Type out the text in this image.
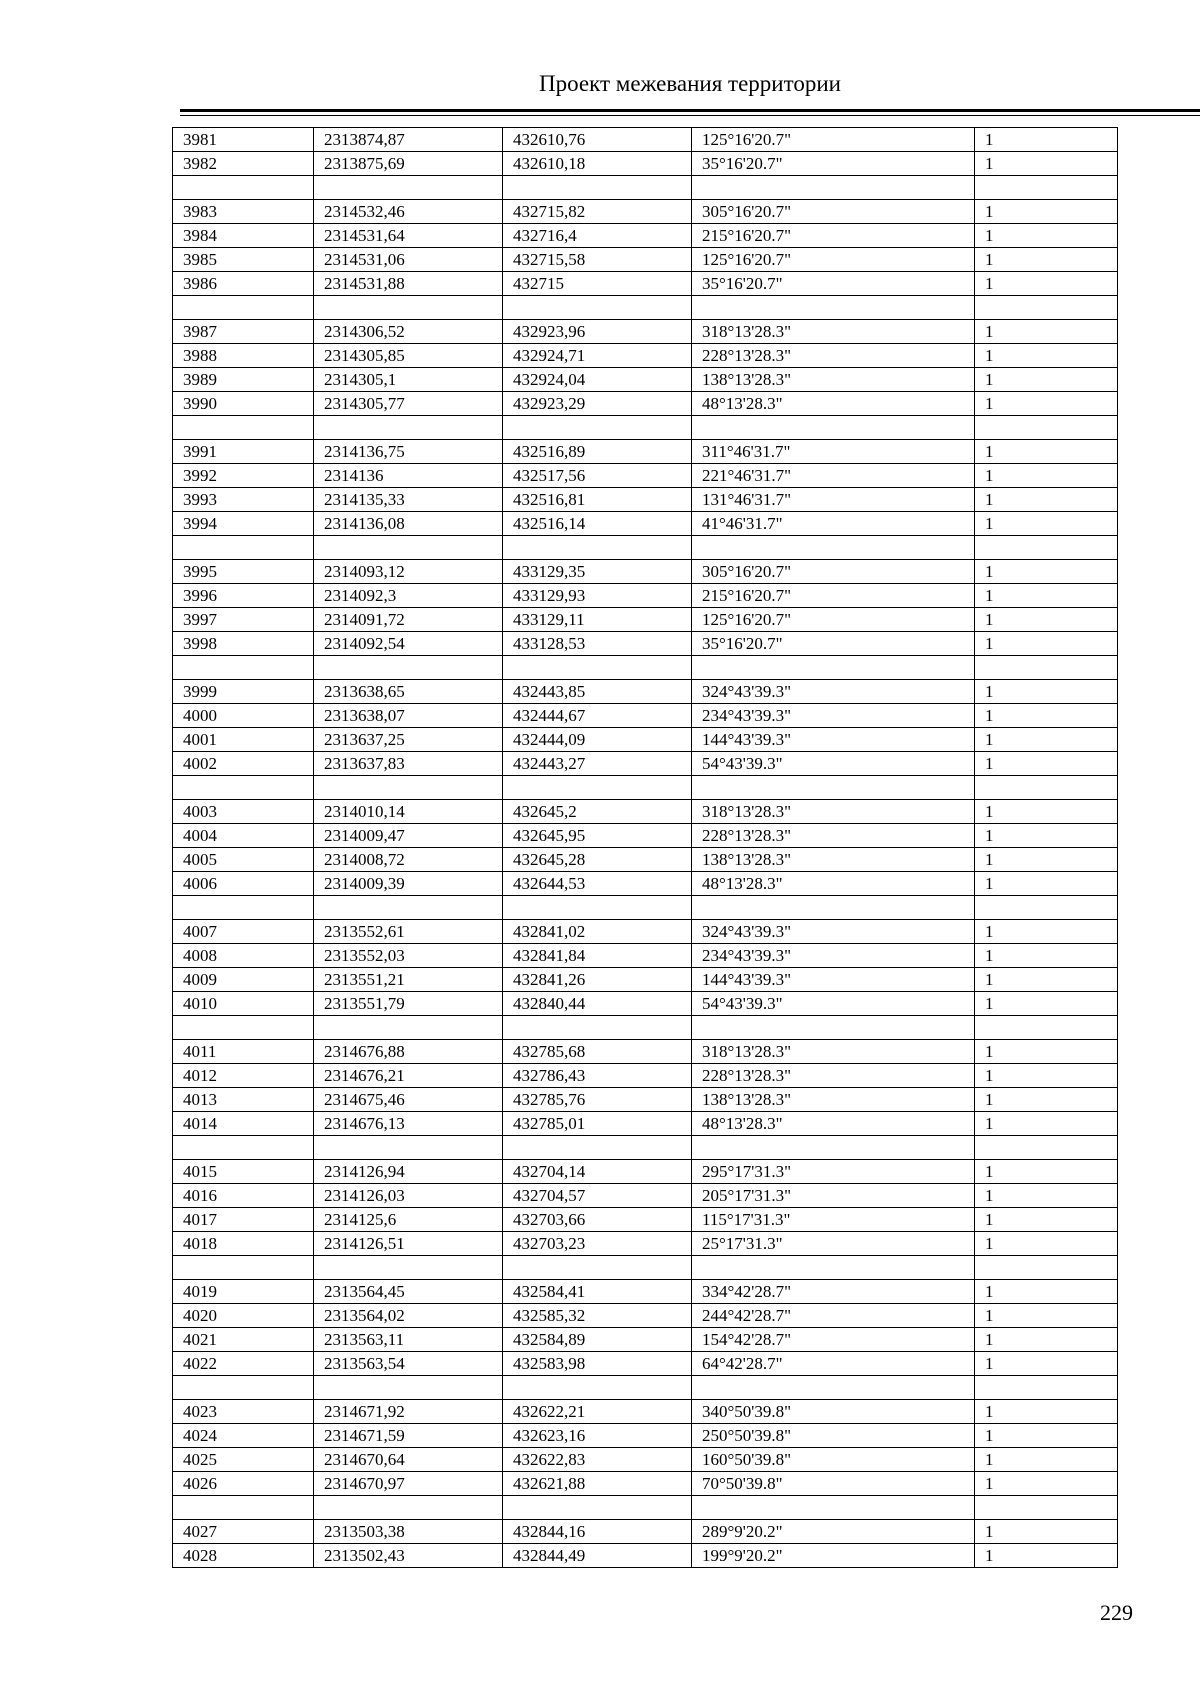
Проект межевания территории
3981	2313874,87	432610,76	125°16'20.7"	1
3982	2313875,69	432610,18	35°16'20.7"	1

3983	2314532,46	432715,82	305°16'20.7"	1
3984	2314531,64	432716,4	215°16'20.7"	1
3985	2314531,06	432715,58	125°16'20.7"	1
3986	2314531,88	432715	35°16'20.7"	1

3987	2314306,52	432923,96	318°13'28.3"	1
3988	2314305,85	432924,71	228°13'28.3"	1
3989	2314305,1	432924,04	138°13'28.3"	1
3990	2314305,77	432923,29	48°13'28.3"	1

3991	2314136,75	432516,89	311°46'31.7"	1
3992	2314136	432517,56	221°46'31.7"	1
3993	2314135,33	432516,81	131°46'31.7"	1
3994	2314136,08	432516,14	41°46'31.7"	1

3995	2314093,12	433129,35	305°16'20.7"	1
3996	2314092,3	433129,93	215°16'20.7"	1
3997	2314091,72	433129,11	125°16'20.7"	1
3998	2314092,54	433128,53	35°16'20.7"	1

3999	2313638,65	432443,85	324°43'39.3"	1
4000	2313638,07	432444,67	234°43'39.3"	1
4001	2313637,25	432444,09	144°43'39.3"	1
4002	2313637,83	432443,27	54°43'39.3"	1

4003	2314010,14	432645,2	318°13'28.3"	1
4004	2314009,47	432645,95	228°13'28.3"	1
4005	2314008,72	432645,28	138°13'28.3"	1
4006	2314009,39	432644,53	48°13'28.3"	1

4007	2313552,61	432841,02	324°43'39.3"	1
4008	2313552,03	432841,84	234°43'39.3"	1
4009	2313551,21	432841,26	144°43'39.3"	1
4010	2313551,79	432840,44	54°43'39.3"	1

4011	2314676,88	432785,68	318°13'28.3"	1
4012	2314676,21	432786,43	228°13'28.3"	1
4013	2314675,46	432785,76	138°13'28.3"	1
4014	2314676,13	432785,01	48°13'28.3"	1

4015	2314126,94	432704,14	295°17'31.3"	1
4016	2314126,03	432704,57	205°17'31.3"	1
4017	2314125,6	432703,66	115°17'31.3"	1
4018	2314126,51	432703,23	25°17'31.3"	1

4019	2313564,45	432584,41	334°42'28.7"	1
4020	2313564,02	432585,32	244°42'28.7"	1
4021	2313563,11	432584,89	154°42'28.7"	1
4022	2313563,54	432583,98	64°42'28.7"	1

4023	2314671,92	432622,21	340°50'39.8"	1
4024	2314671,59	432623,16	250°50'39.8"	1
4025	2314670,64	432622,83	160°50'39.8"	1
4026	2314670,97	432621,88	70°50'39.8"	1

4027	2313503,38	432844,16	289°9'20.2"	1
4028	2313502,43	432844,49	199°9'20.2"	1
229
